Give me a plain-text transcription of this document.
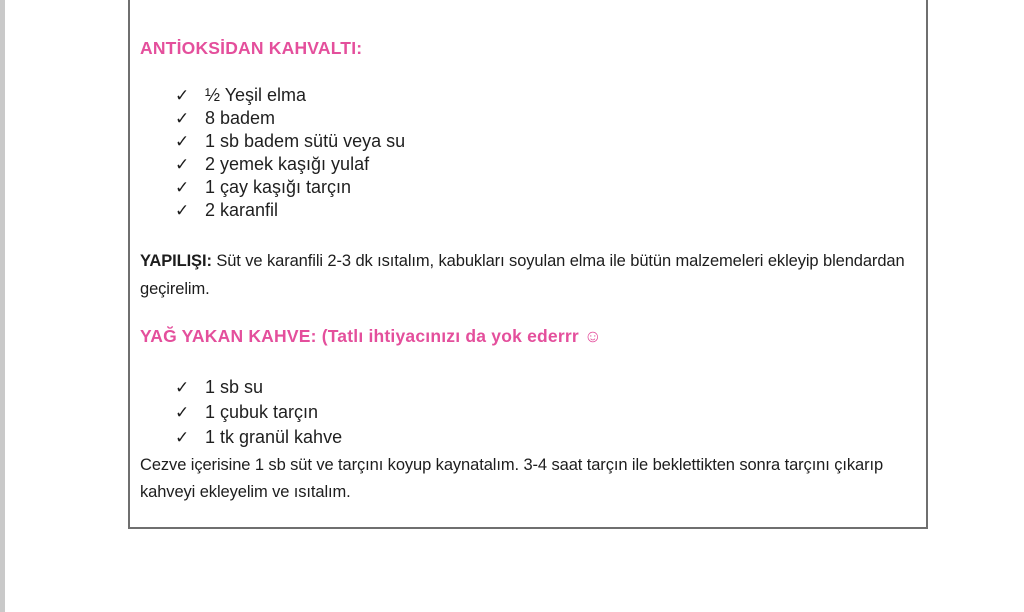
ANTİOKSİDAN KAHVALTI:
✓ ½ Yeşil elma
✓ 8 badem
✓ 1 sb badem sütü veya su
✓ 2 yemek kaşığı yulaf
✓ 1 çay kaşığı tarçın
✓ 2 karanfil
YAPILIŞI: Süt ve karanfili 2-3 dk ısıtalım, kabukları soyulan elma ile bütün malzemeleri ekleyip blendardan geçirelim.
YAĞ YAKAN KAHVE: (Tatlı ihtiyacınızı da yok ederrr ☺
✓ 1 sb su
✓ 1 çubuk tarçın
✓ 1 tk granül kahve
Cezve içerisine 1 sb süt ve tarçını koyup kaynatalım. 3-4 saat tarçın ile beklettikten sonra tarçını çıkarıp kahveyi ekleyelim ve ısıtalım.
